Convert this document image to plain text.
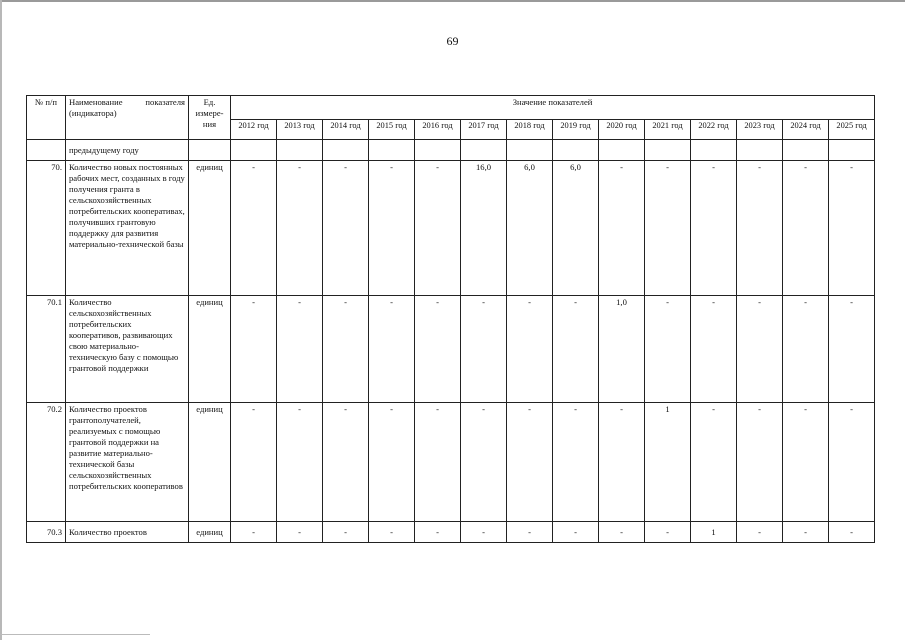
69
№ п/п	Наименование показателя (индикатора)	Ед. измере-ния	Значение показателей													
			2012 год	2013 год	2014 год	2015 год	2016 год	2017 год	2018 год	2019 год	2020 год	2021 год	2022 год	2023 год	2024 год	2025 год
	предыдущему году															
70.	Количество новых постоянных рабочих мест, созданных в году получения гранта в сельскохозяйственных потребительских кооперативах, получивших грантовую поддержку для развития материально-технической базы	единиц	-	-	-	-	-	16,0	6,0	6,0	-	-	-	-	-	-
70.1	Количество сельскохозяйственных потребительских кооперативов, развивающих свою материально-техническую базу с помощью грантовой поддержки	единиц	-	-	-	-	-	-	-	-	1,0	-	-	-	-	-
70.2	Количество проектов грантополучателей, реализуемых с помощью грантовой поддержки на развитие материально-технической базы сельскохозяйственных потребительских кооперативов	единиц	-	-	-	-	-	-	-	-	-	1	-	-	-	-
70.3	Количество проектов	единиц	-	-	-	-	-	-	-	-	-	-	1	-	-	-
